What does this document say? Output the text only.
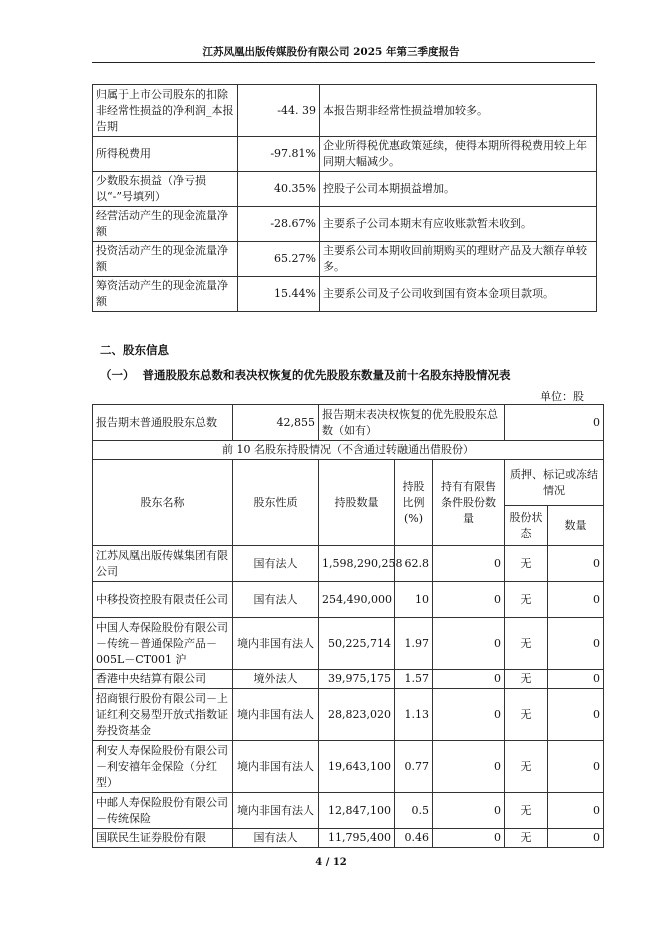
江苏凤凰出版传媒股份有限公司 2025 年第三季度报告
归属于上市公司股东的扣除非经常性损益的净利润_本报告期	-44. 39	本报告期非经常性损益增加较多。
所得税费用	-97.81%	企业所得税优惠政策延续，使得本期所得税费用较上年同期大幅减少。
少数股东损益（净亏损以“-”号填列）	40.35%	控股子公司本期损益增加。
经营活动产生的现金流量净额	-28.67%	主要系子公司本期末有应收账款暂未收到。
投资活动产生的现金流量净额	65.27%	主要系公司本期收回前期购买的理财产品及大额存单较多。
筹资活动产生的现金流量净额	15.44%	主要系公司及子公司收到国有资本金项目款项。
二、股东信息
（一） 普通股股东总数和表决权恢复的优先股股东数量及前十名股东持股情况表
单位：股
报告期末普通股股东总数	42,855	报告期末表决权恢复的优先股股东总数（如有）			0	
前 10 名股东持股情况（不含通过转融通出借股份）						
股东名称	股东性质	持股数量	持股比例(%)	持有有限售条件股份数量	质押、标记或冻结情况	
					股份状态	数量
江苏凤凰出版传媒集团有限公司	国有法人	1,598,290,258	62.8	0	无	0
中移投资控股有限责任公司	国有法人	254,490,000	10	0	无	0
中国人寿保险股份有限公司－传统－普通保险产品－005L－CT001 沪	境内非国有法人	50,225,714	1.97	0	无	0
香港中央结算有限公司	境外法人	39,975,175	1.57	0	无	0
招商银行股份有限公司－上证红利交易型开放式指数证券投资基金	境内非国有法人	28,823,020	1.13	0	无	0
利安人寿保险股份有限公司－利安禧年金保险（分红型）	境内非国有法人	19,643,100	0.77	0	无	0
中邮人寿保险股份有限公司－传统保险	境内非国有法人	12,847,100	0.5	0	无	0
国联民生证券股份有限	国有法人	11,795,400	0.46	0	无	0
4 / 12
